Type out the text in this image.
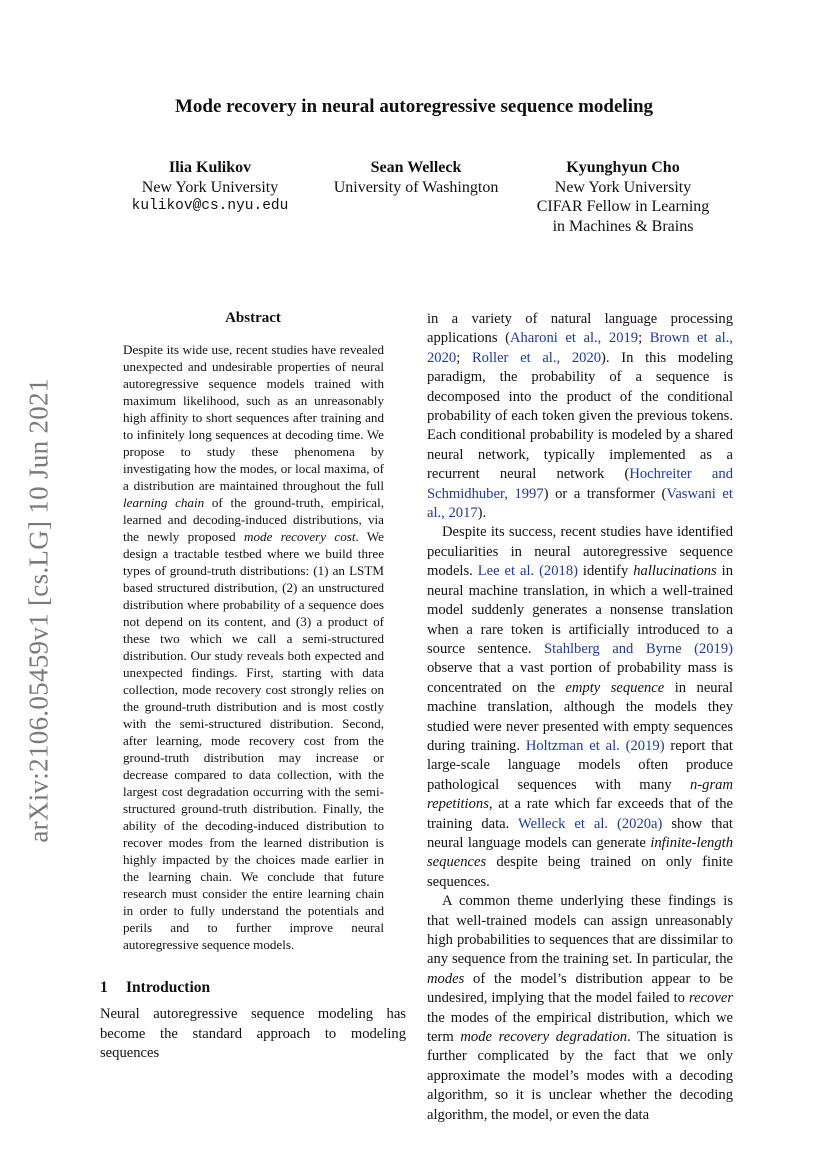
arXiv:2106.05459v1 [cs.LG] 10 Jun 2021
Mode recovery in neural autoregressive sequence modeling
Ilia Kulikov
New York University
kulikov@cs.nyu.edu
Sean Welleck
University of Washington
Kyunghyun Cho
New York University
CIFAR Fellow in Learning
in Machines & Brains
Abstract

Despite its wide use, recent studies have revealed unexpected and undesirable properties of neural autoregressive sequence models trained with maximum likelihood, such as an unreasonably high affinity to short sequences after training and to infinitely long sequences at decoding time. We propose to study these phenomena by investigating how the modes, or local maxima, of a distribution are maintained throughout the full learning chain of the ground-truth, empirical, learned and decoding-induced distributions, via the newly proposed mode recovery cost. We design a tractable testbed where we build three types of ground-truth distributions: (1) an LSTM based structured distribution, (2) an unstructured distribution where probability of a sequence does not depend on its content, and (3) a product of these two which we call a semi-structured distribution. Our study reveals both expected and unexpected findings. First, starting with data collection, mode recovery cost strongly relies on the ground-truth distribution and is most costly with the semi-structured distribution. Second, after learning, mode recovery cost from the ground-truth distribution may increase or decrease compared to data collection, with the largest cost degradation occurring with the semi-structured ground-truth distribution. Finally, the ability of the decoding-induced distribution to recover modes from the learned distribution is highly impacted by the choices made earlier in the learning chain. We conclude that future research must consider the entire learning chain in order to fully understand the potentials and perils and to further improve neural autoregressive sequence models.

1 Introduction

Neural autoregressive sequence modeling has become the standard approach to modeling sequences

in a variety of natural language processing applications (Aharoni et al., 2019; Brown et al., 2020; Roller et al., 2020). In this modeling paradigm, the probability of a sequence is decomposed into the product of the conditional probability of each token given the previous tokens. Each conditional probability is modeled by a shared neural network, typically implemented as a recurrent neural network (Hochreiter and Schmidhuber, 1997) or a transformer (Vaswani et al., 2017).

Despite its success, recent studies have identified peculiarities in neural autoregressive sequence models. Lee et al. (2018) identify hallucinations in neural machine translation, in which a well-trained model suddenly generates a nonsense translation when a rare token is artificially introduced to a source sentence. Stahlberg and Byrne (2019) observe that a vast portion of probability mass is concentrated on the empty sequence in neural machine translation, although the models they studied were never presented with empty sequences during training. Holtzman et al. (2019) report that large-scale language models often produce pathological sequences with many n-gram repetitions, at a rate which far exceeds that of the training data. Welleck et al. (2020a) show that neural language models can generate infinite-length sequences despite being trained on only finite sequences.

A common theme underlying these findings is that well-trained models can assign unreasonably high probabilities to sequences that are dissimilar to any sequence from the training set. In particular, the modes of the model’s distribution appear to be undesired, implying that the model failed to recover the modes of the empirical distribution, which we term mode recovery degradation. The situation is further complicated by the fact that we only approximate the model’s modes with a decoding algorithm, so it is unclear whether the decoding algorithm, the model, or even the data
